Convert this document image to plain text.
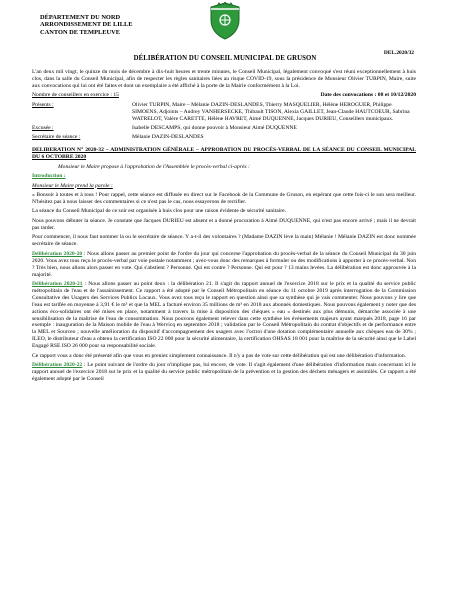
DÉPARTEMENT DU NORD
ARRONDISSEMENT DE LILLE
CANTON DE TEMPLEUVE
DEL.2020/32
DÉLIBÉRATION DU CONSEIL MUNICIPAL DE GRUSON

L'an deux mil vingt, le quinze du mois de décembre à dix-huit heures et trente minutes, le Conseil Municipal, légalement convoqué s'est réuni exceptionnellement à huis clos, dans la salle du Conseil Municipal, afin de respecter les règles sanitaires liées au risque COVID-19, sous la présidence de Monsieur Olivier TURPIN, Maire, suite aux convocations qui lui ont été faites et dont un exemplaire a été affiché à la porte de la Mairie conformément à la Loi.

Nombre de conseillers en exercice : 15	Date des convocations : 08 et 10/12/2020
Présents :	Olivier TURPIN, Maire – Mélanie DAZIN-DESLANDES, Thierry MASQUELIER, Hélène HEROGUER, Philippe SIMOENS, Adjoints – Audrey VANHERSECKE, Thibault TISON, Alexia GAILLET, Jean-Claude HAUTCOEUR, Sabrina WATRELOT, Valère CARETTE, Hélène HAVRET, Aimé DUQUENNE, Jacques DURIEU, Conseillers municipaux.
Excusée :	Isabelle DESCAMPS, qui donne pouvoir à Monsieur Aimé DUQUENNE
Secrétaire de séance :	Mélanie DAZIN-DESLANDES
DELIBERATION N° 2020-32 – ADMINISTRATION GÉNÉRALE – APPROBATION DU PROCÈS-VERBAL DE LA SÉANCE DU CONSEIL MUNICIPAL DU 6 OCTOBRE 2020

Monsieur le Maire propose à l'approbation de l'Assemblée le procès-verbal ci-après :

Introduction :

Monsieur le Maire prend la parole :

« Bonsoir à toutes et à tous ! Pour rappel, cette séance est diffusée en direct sur le Facebook de la Commune de Gruson, en espérant que cette fois-ci le son sera meilleur. N'hésitez pas à nous laisser des commentaires si ce n'est pas le cas, nous essayerons de rectifier.

La séance du Conseil Municipal de ce soir est organisée à huis clos pour une raison évidente de sécurité sanitaire.

Nous pouvons débuter la séance. Je constate que Jacques DURIEU est absent et a donné procuration à Aimé DUQUENNE, qui n'est pas encore arrivé ; mais il ne devrait pas tarder.

Pour commencer, il nous faut nommer la ou le secrétaire de séance. Y a-t-il des volontaires ? (Madame DAZIN lève la main) Mélanie ! Mélanie DAZIN est donc nommée secrétaire de séance.

Délibération 2020-20 : Nous allons passer au premier point de l'ordre du jour qui concerne l'approbation du procès-verbal de la séance du Conseil Municipal du 30 juin 2020. Vous avez tous reçu le procès-verbal par voie postale notamment ; avez-vous donc des remarques à formuler ou des modifications à apporter à ce procès-verbal. Non ? Très bien, nous allons alors passer en vote. Qui s'abstient ? Personne. Qui est contre ? Personne. Qui est pour ? 13 mains levées. La délibération est donc approuvée à la majorité.

Délibération 2020-21 : Nous allons passer au point deux : la délibération 21. Il s'agit du rapport annuel de l'exercice 2018 sur le prix et la qualité du service public métropolitain de l'eau et de l'assainissement. Ce rapport a été adopté par le Conseil Métropolitain en séance du 11 octobre 2019 après interrogation de la Commission Consultative des Usagers des Services Publics Locaux. Vous avez tous reçu le rapport en question ainsi que sa synthèse qui je vais commenter. Nous pouvons y lire que l'eau est tarifée en moyenne à 3,91 € le m³ et que la MEL a facturé environ 35 millions de m³ en 2018 aux abonnés domestiques. Nous pouvons également y noter que des actions éco-solidaires ont été mises en place, notamment à travers la mise à disposition des chèques « eau » destinés aux plus démunis, démarche associée à une sensibilisation de la maîtrise de l'eau de consommation. Nous pouvons également relever dans cette synthèse les évènements majeurs ayant marqués 2018, page 16 par exemple : inauguration de la Maison mobile de l'eau à Wervicq en septembre 2018 ; validation par le Conseil Métropolitain du contrat d'objectifs et de performance entre la MEL et Sourceo ; nouvelle amélioration du dispositif d'accompagnement des usagers avec l'octroi d'une dotation complémentaire annuelle aux chèques eau de 30% ; ILEO, le distributeur d'eau a obtenu la certification ISO 22 000 pour la sécurité alimentaire, la certification OHSAS 18 001 pour la maîtrise de la sécurité ainsi que le Label Engagé RSE ISO 26 000 pour sa responsabilité sociale.

Ce rapport vous a donc été présenté afin que vous en preniez simplement connaissance. Il n'y a pas de vote sur cette délibération qui est une délibération d'information.

Délibération 2020-22 : Le point suivant de l'ordre du jour n'implique pas, lui encore, de vote. Il s'agit également d'une délibération d'information mais concernant ici le rapport annuel de l'exercice 2018 sur le prix et la qualité du service public métropolitain de la prévention et la gestion des déchets ménagers et assimilés. Ce rapport a été également adopté par le Conseil
